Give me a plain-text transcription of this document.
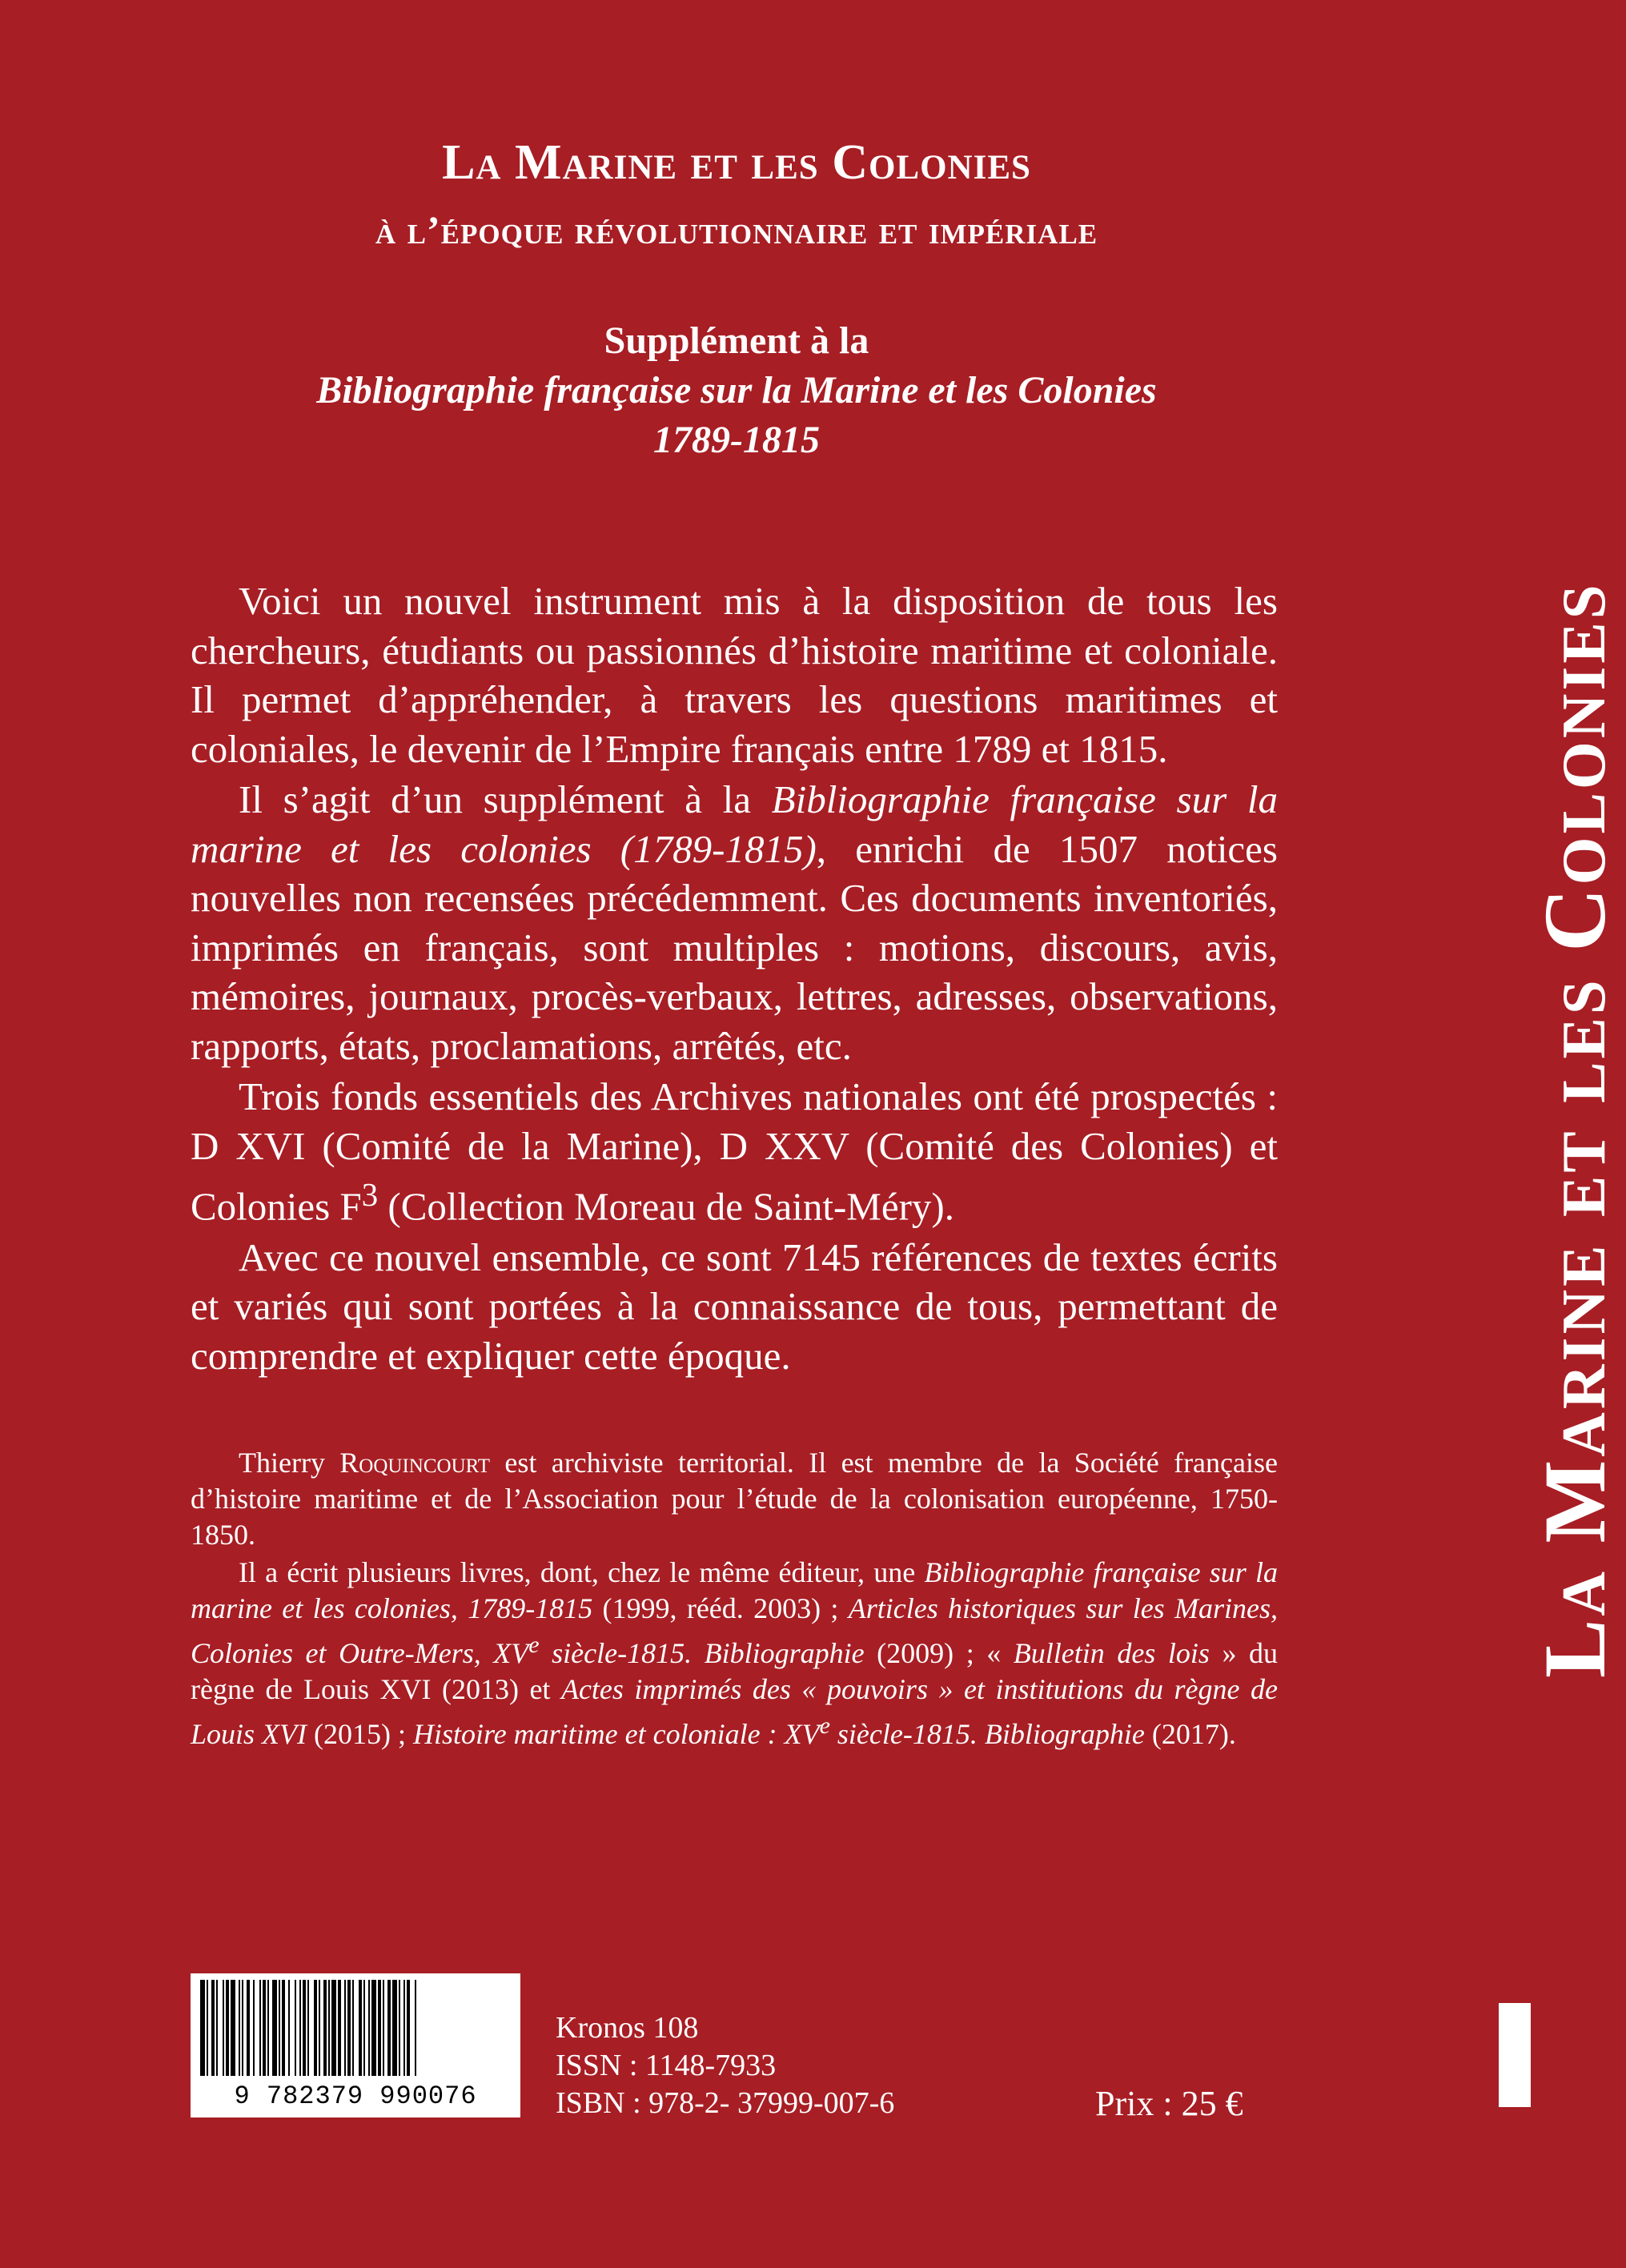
La Marine et les Colonies
à l’époque révolutionnaire et impériale
Supplément à la
Bibliographie française sur la Marine et les Colonies
1789-1815

Voici un nouvel instrument mis à la disposition de tous les chercheurs, étudiants ou passionnés d’histoire maritime et coloniale. Il permet d’appréhender, à travers les questions maritimes et coloniales, le devenir de l’Empire français entre 1789 et 1815.

Il s’agit d’un supplément à la Bibliographie française sur la marine et les colonies (1789-1815), enrichi de 1507 notices nouvelles non recensées précédemment. Ces documents inventoriés, imprimés en français, sont multiples : motions, discours, avis, mémoires, journaux, procès-verbaux, lettres, adresses, observations, rapports, états, proclamations, arrêtés, etc.

Trois fonds essentiels des Archives nationales ont été prospectés : D XVI (Comité de la Marine), D XXV (Comité des Colonies) et Colonies $F^3$ (Collection Moreau de Saint-Méry).

Avec ce nouvel ensemble, ce sont 7145 références de textes écrits et variés qui sont portées à la connaissance de tous, permettant de comprendre et expliquer cette époque.

Thierry Roquincourt est archiviste territorial. Il est membre de la Société française d’histoire maritime et de l’Association pour l’étude de la colonisation européenne, 1750-1850.

Il a écrit plusieurs livres, dont, chez le même éditeur, une Bibliographie française sur la marine et les colonies, 1789-1815 (1999, rééd. 2003) ; Articles historiques sur les Marines, Colonies et Outre-Mers, XVe siècle-1815. Bibliographie (2009) ; « Bulletin des lois » du règne de Louis XVI (2013) et Actes imprimés des « pouvoirs » et institutions du règne de Louis XVI (2015) ; Histoire maritime et coloniale : XVe siècle-1815. Bibliographie (2017).

9 782379 990076
Kronos 108
ISSN : 1148-7933
ISBN : 978-2- 37999-007-6	Prix : 25 €
La Marine et les Colonies
